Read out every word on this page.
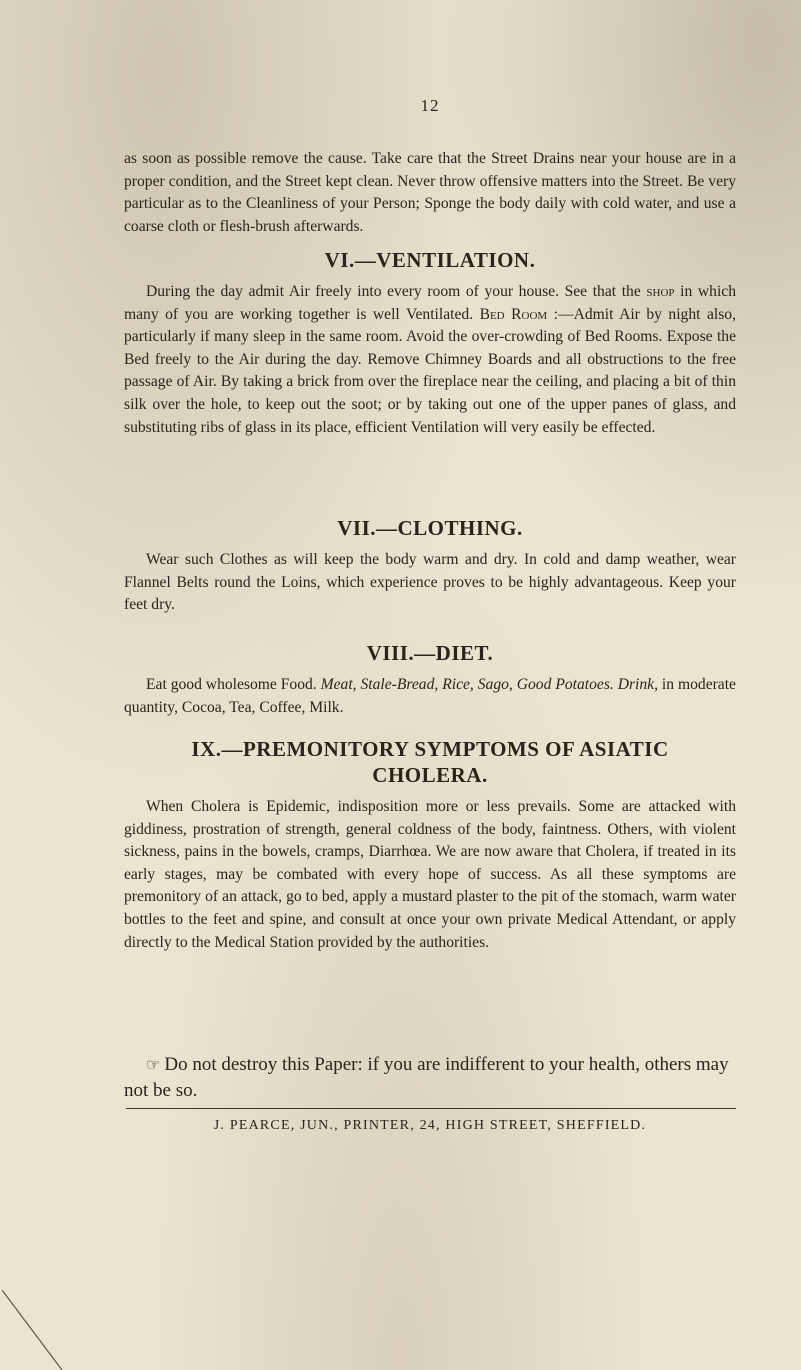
12

as soon as possible remove the cause. Take care that the Street Drains near your house are in a proper condition, and the Street kept clean. Never throw offensive matters into the Street. Be very particular as to the Cleanliness of your Person; Sponge the body daily with cold water, and use a coarse cloth or flesh-brush afterwards.

VI.—VENTILATION.

During the day admit Air freely into every room of your house. See that the shop in which many of you are working together is well Ventilated. Bed Room :—Admit Air by night also, particularly if many sleep in the same room. Avoid the over-crowding of Bed Rooms. Expose the Bed freely to the Air during the day. Remove Chimney Boards and all obstructions to the free passage of Air. By taking a brick from over the fireplace near the ceiling, and placing a bit of thin silk over the hole, to keep out the soot; or by taking out one of the upper panes of glass, and substituting ribs of glass in its place, efficient Ventilation will very easily be effected.

VII.—CLOTHING.

Wear such Clothes as will keep the body warm and dry. In cold and damp weather, wear Flannel Belts round the Loins, which experience proves to be highly advantageous. Keep your feet dry.

VIII.—DIET.

Eat good wholesome Food. Meat, Stale-Bread, Rice, Sago, Good Potatoes. Drink, in moderate quantity, Cocoa, Tea, Coffee, Milk.

IX.—PREMONITORY SYMPTOMS OF ASIATIC
CHOLERA.

When Cholera is Epidemic, indisposition more or less prevails. Some are attacked with giddiness, prostration of strength, general coldness of the body, faintness. Others, with violent sickness, pains in the bowels, cramps, Diarrhœa. We are now aware that Cholera, if treated in its early stages, may be combated with every hope of success. As all these symptoms are premonitory of an attack, go to bed, apply a mustard plaster to the pit of the stomach, warm water bottles to the feet and spine, and consult at once your own private Medical Attendant, or apply directly to the Medical Station provided by the authorities.

☞ Do not destroy this Paper: if you are indifferent to your health, others may not be so.

J. PEARCE, JUN., PRINTER, 24, HIGH STREET, SHEFFIELD.
